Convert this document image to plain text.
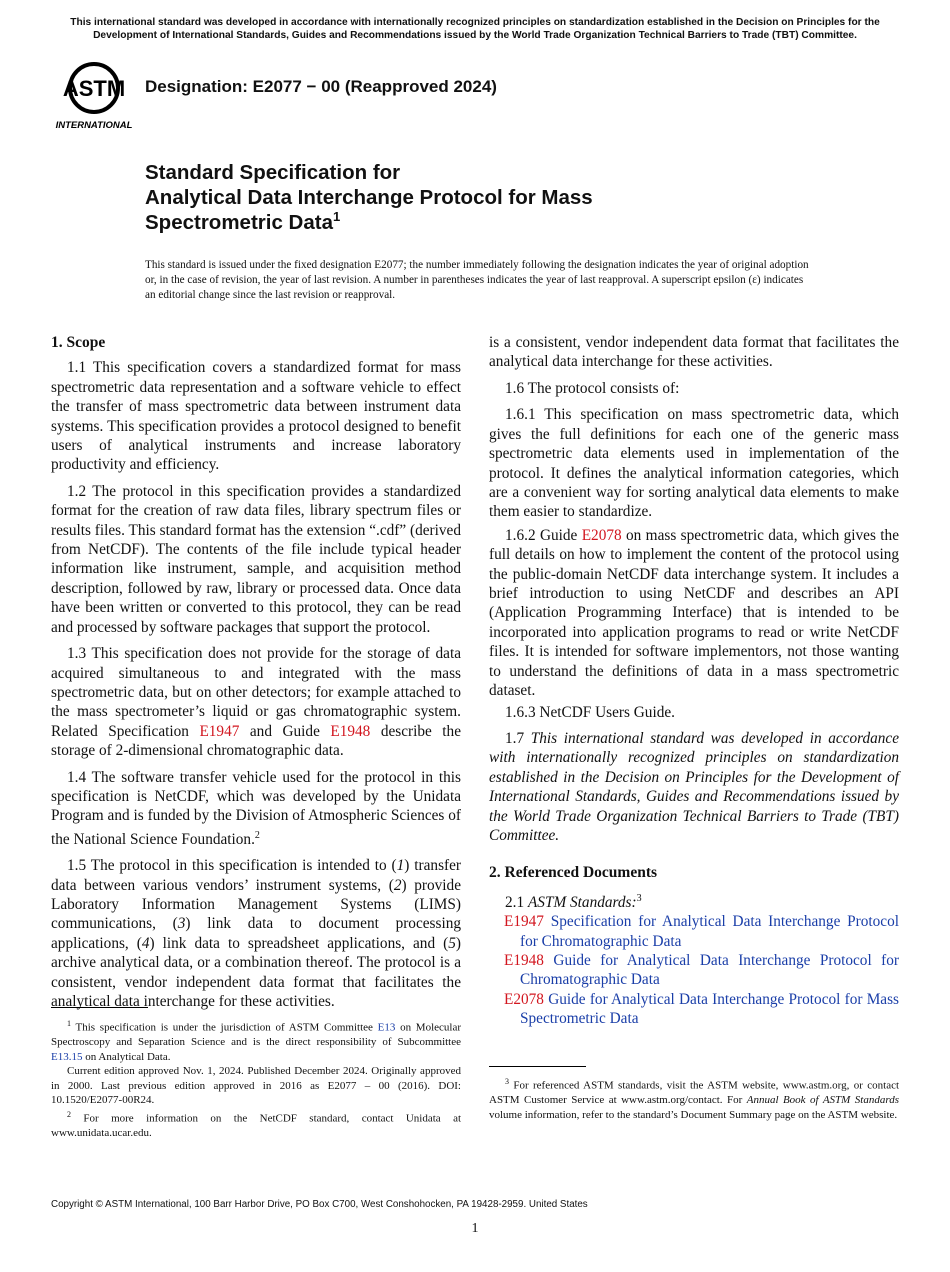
This international standard was developed in accordance with internationally recognized principles on standardization established in the Decision on Principles for the Development of International Standards, Guides and Recommendations issued by the World Trade Organization Technical Barriers to Trade (TBT) Committee.
ASTM
INTERNATIONAL
Designation: E2077 − 00 (Reapproved 2024)
Standard Specification for
Analytical Data Interchange Protocol for Mass
Spectrometric Data$^1$
This standard is issued under the fixed designation E2077; the number immediately following the designation indicates the year of original adoption or, in the case of revision, the year of last revision. A number in parentheses indicates the year of last reapproval. A superscript epsilon (ε) indicates an editorial change since the last revision or reapproval.
1. Scope

1.1 This specification covers a standardized format for mass spectrometric data representation and a software vehicle to effect the transfer of mass spectrometric data between instrument data systems. This specification provides a protocol designed to benefit users of analytical instruments and increase laboratory productivity and efficiency.

1.2 The protocol in this specification provides a standardized format for the creation of raw data files, library spectrum files or results files. This standard format has the extension “.cdf” (derived from NetCDF). The contents of the file include typical header information like instrument, sample, and acquisition method description, followed by raw, library or processed data. Once data have been written or converted to this protocol, they can be read and processed by software packages that support the protocol.

1.3 This specification does not provide for the storage of data acquired simultaneous to and integrated with the mass spectrometric data, but on other detectors; for example attached to the mass spectrometer’s liquid or gas chromatographic system. Related Specification E1947 and Guide E1948 describe the storage of 2-dimensional chromatographic data.

1.4 The software transfer vehicle used for the protocol in this specification is NetCDF, which was developed by the Unidata Program and is funded by the Division of Atmospheric Sciences of the National Science Foundation.$^2$

1.5 The protocol in this specification is intended to (1) transfer data between various vendors’ instrument systems, (2) provide Laboratory Information Management Systems (LIMS) communications, (3) link data to document processing applications, (4) link data to spreadsheet applications, and (5) archive analytical data, or a combination thereof. The protocol is a consistent, vendor independent data format that facilitates the analytical data interchange for these activities.

$^1$ This specification is under the jurisdiction of ASTM Committee E13 on Molecular Spectroscopy and Separation Science and is the direct responsibility of Subcommittee E13.15 on Analytical Data.

Current edition approved Nov. 1, 2024. Published December 2024. Originally approved in 2000. Last previous edition approved in 2016 as E2077 – 00 (2016). DOI: 10.1520/E2077-00R24.

$^2$ For more information on the NetCDF standard, contact Unidata at www.unidata.ucar.edu.

is a consistent, vendor independent data format that facilitates the analytical data interchange for these activities.

1.6 The protocol consists of:

1.6.1 This specification on mass spectrometric data, which gives the full definitions for each one of the generic mass spectrometric data elements used in implementation of the protocol. It defines the analytical information categories, which are a convenient way for sorting analytical data elements to make them easier to standardize.

1.6.2 Guide E2078 on mass spectrometric data, which gives the full details on how to implement the content of the protocol using the public-domain NetCDF data interchange system. It includes a brief introduction to using NetCDF and describes an API (Application Programming Interface) that is intended to be incorporated into application programs to read or write NetCDF files. It is intended for software implementors, not those wanting to understand the definitions of data in a mass spectrometric dataset.

1.6.3 NetCDF Users Guide.

1.7 This international standard was developed in accordance with internationally recognized principles on standardization established in the Decision on Principles for the Development of International Standards, Guides and Recommendations issued by the World Trade Organization Technical Barriers to Trade (TBT) Committee.

2. Referenced Documents

2.1 ASTM Standards:$^3$

E1947 Specification for Analytical Data Interchange Protocol for Chromatographic Data
E1948 Guide for Analytical Data Interchange Protocol for Chromatographic Data
E2078 Guide for Analytical Data Interchange Protocol for Mass Spectrometric Data

$^3$ For referenced ASTM standards, visit the ASTM website, www.astm.org, or contact ASTM Customer Service at www.astm.org/contact. For Annual Book of ASTM Standards volume information, refer to the standard’s Document Summary page on the ASTM website.

Copyright © ASTM International, 100 Barr Harbor Drive, PO Box C700, West Conshohocken, PA 19428-2959. United States
1
